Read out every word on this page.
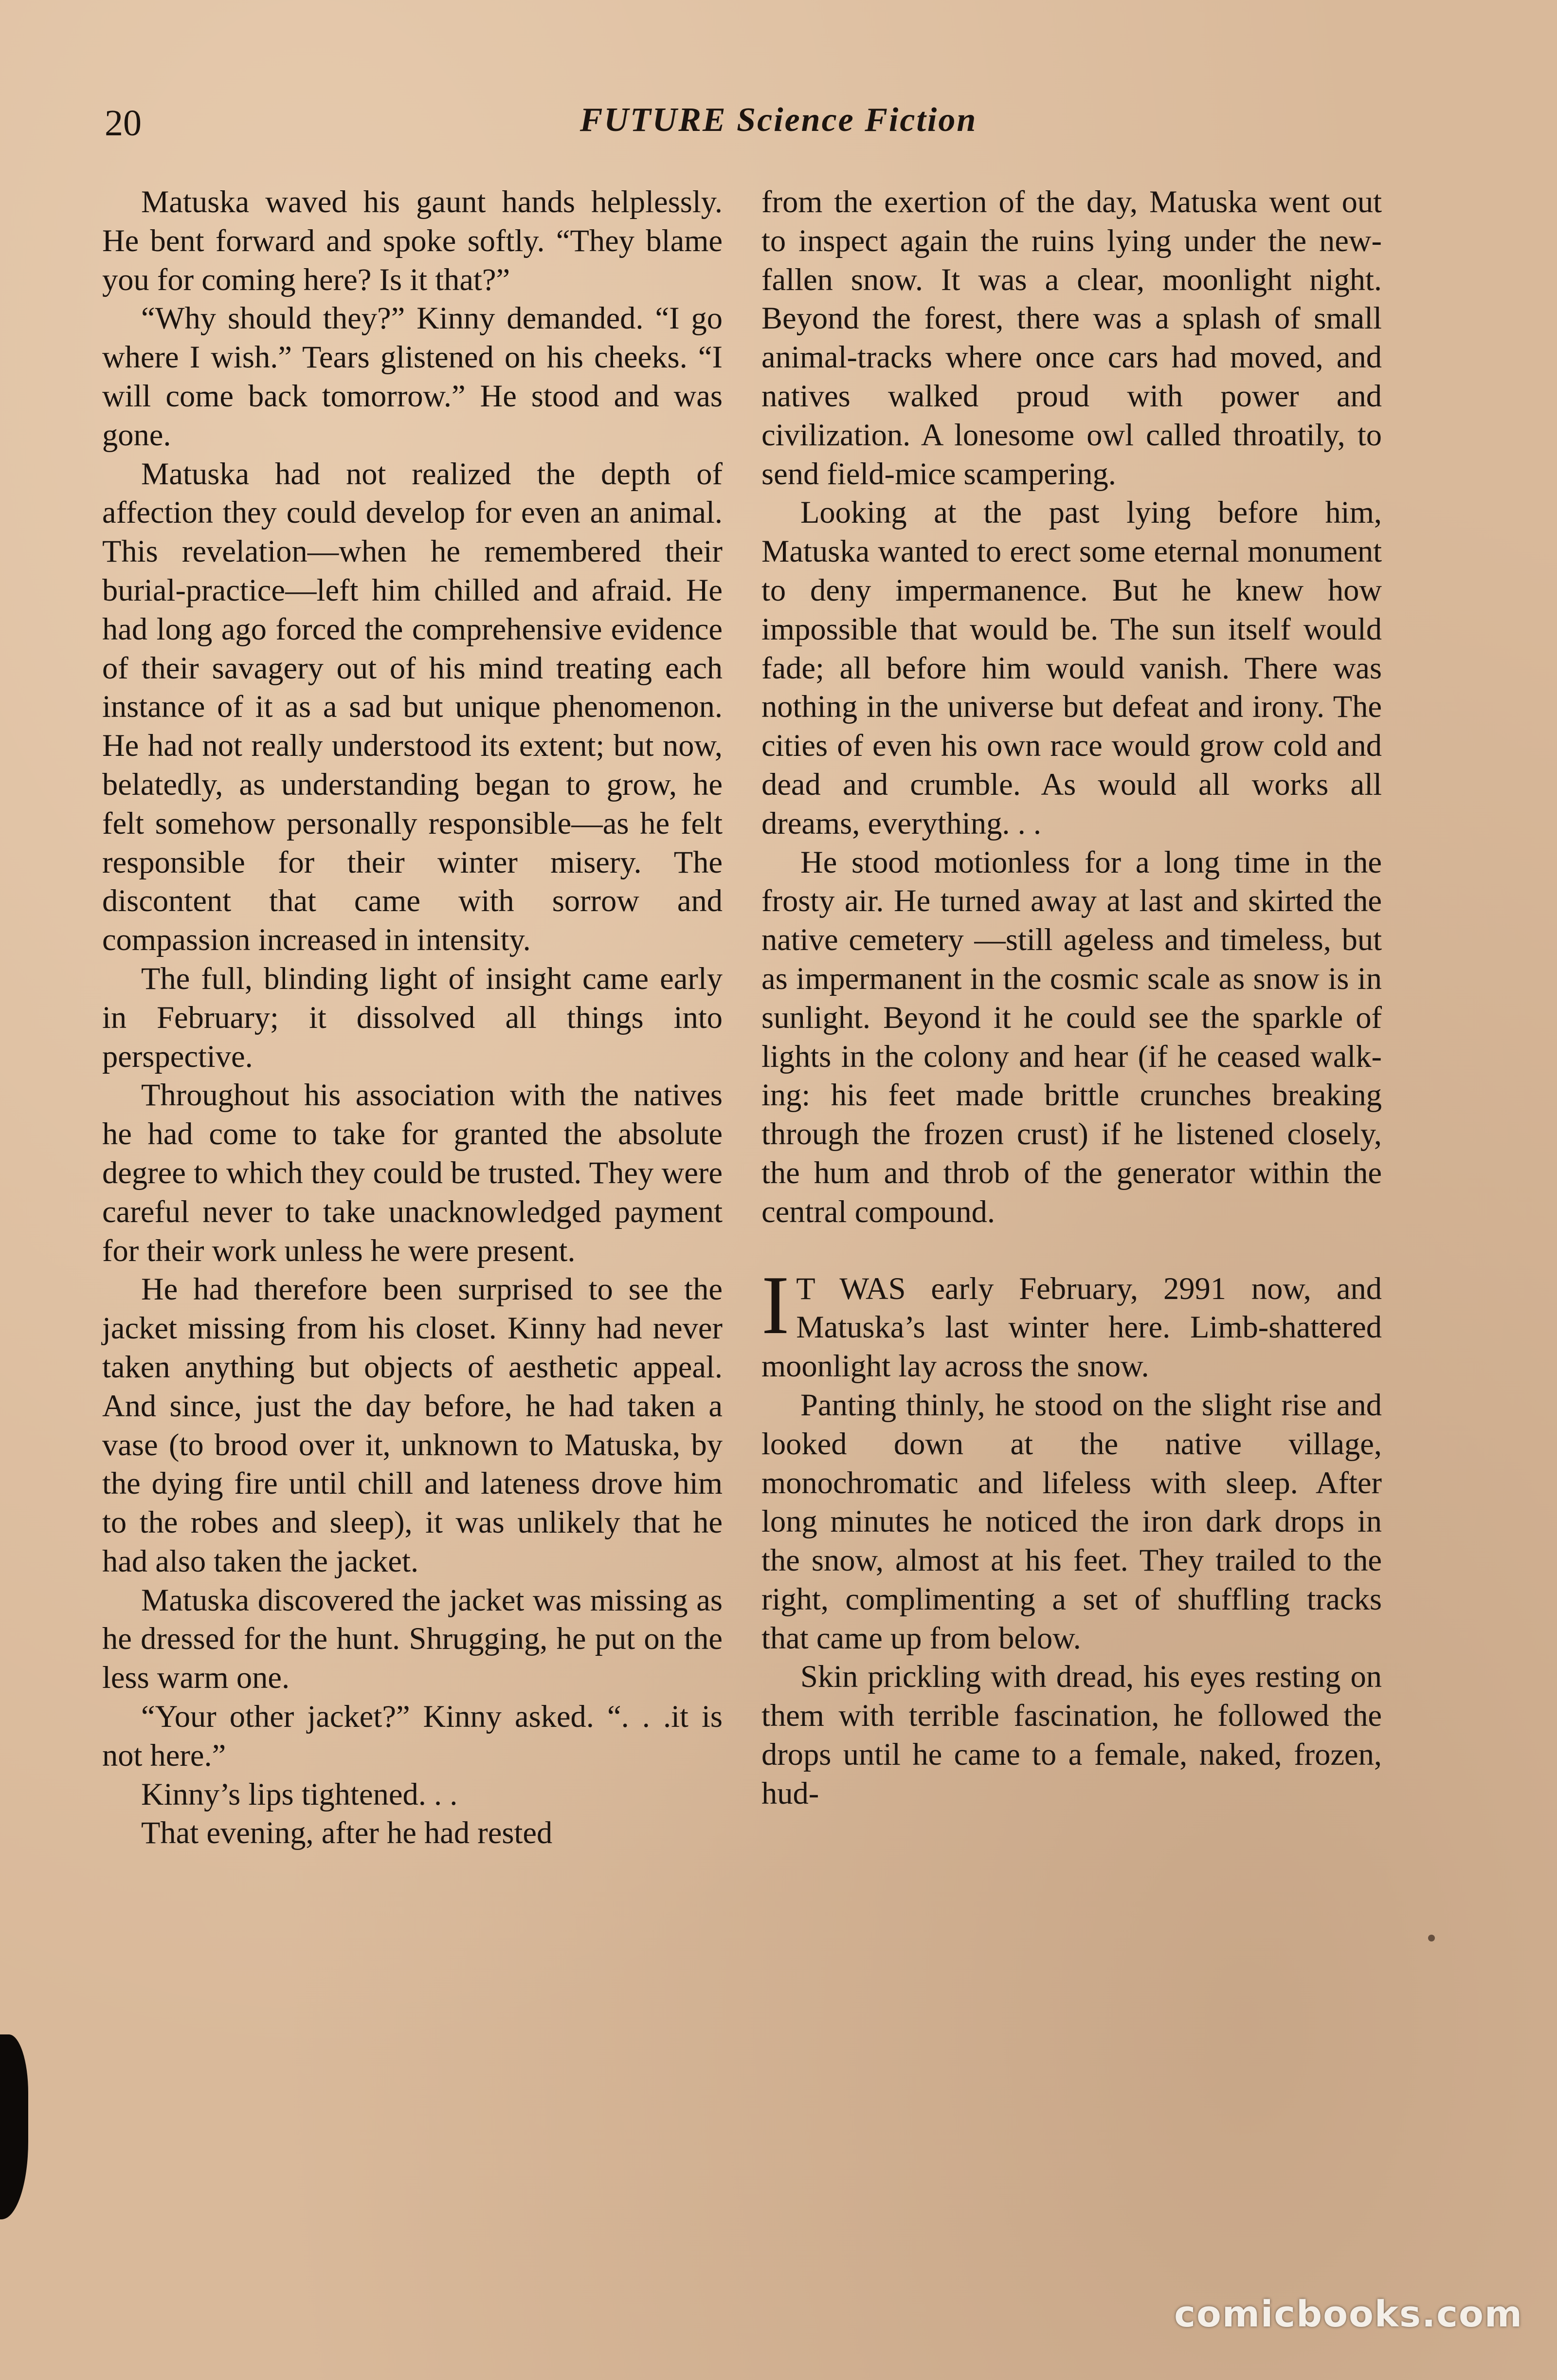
20	FUTURE Science Fiction

Matuska waved his gaunt hands helplessly. He bent forward and spoke softly. “They blame you for coming here? Is it that?”

“Why should they?” Kinny demanded. “I go where I wish.” Tears glistened on his cheeks. “I will come back tomorrow.” He stood and was gone.

Matuska had not realized the depth of affection they could develop for even an animal. This revelation—when he remembered their burial-practice—left him chilled and afraid. He had long ago forced the comprehensive evidence of their savagery out of his mind treating each instance of it as a sad but unique phenomenon. He had not really understood its extent; but now, belatedly, as understanding began to grow, he felt somehow personally responsible—as he felt responsible for their winter misery. The discontent that came with sorrow and compassion increased in intensity.

The full, blinding light of insight came early in February; it dissolved all things into perspective.

Throughout his association with the natives he had come to take for granted the absolute degree to which they could be trusted. They were careful never to take unacknowledged payment for their work unless he were present.

He had therefore been surprised to see the jacket missing from his closet. Kinny had never taken anything but objects of aesthetic appeal. And since, just the day before, he had taken a vase (to brood over it, unknown to Matuska, by the dying fire until chill and lateness drove him to the robes and sleep), it was unlikely that he had also taken the jacket.

Matuska discovered the jacket was missing as he dressed for the hunt. Shrugging, he put on the less warm one.

“Your other jacket?” Kinny asked. “. . .it is not here.”

Kinny’s lips tightened. . .

That evening, after he had rested

from the exertion of the day, Matuska went out to inspect again the ruins lying under the new-fallen snow. It was a clear, moonlight night. Beyond the forest, there was a splash of small animal-tracks where once cars had moved, and natives walked proud with power and civilization. A lonesome owl called throatily, to send field-mice scampering.

Looking at the past lying before him, Matuska wanted to erect some eternal monument to deny impermanence. But he knew how impossible that would be. The sun itself would fade; all before him would vanish. There was nothing in the universe but defeat and irony. The cities of even his own race would grow cold and dead and crumble. As would all works all dreams, everything. . .

He stood motionless for a long time in the frosty air. He turned away at last and skirted the native cemetery —still ageless and timeless, but as impermanent in the cosmic scale as snow is in sunlight. Beyond it he could see the sparkle of lights in the colony and hear (if he ceased walking: his feet made brittle crunches breaking through the frozen crust) if he listened closely, the hum and throb of the generator within the central compound.

I T WAS early February, 2991 now, and Matuska’s last winter here. Limb-shattered moonlight lay across the snow.

Panting thinly, he stood on the slight rise and looked down at the native village, monochromatic and lifeless with sleep. After long minutes he noticed the iron dark drops in the snow, almost at his feet. They trailed to the right, complimenting a set of shuffling tracks that came up from below.

Skin prickling with dread, his eyes resting on them with terrible fascination, he followed the drops until he came to a female, naked, frozen, hud-

comicbooks.com
